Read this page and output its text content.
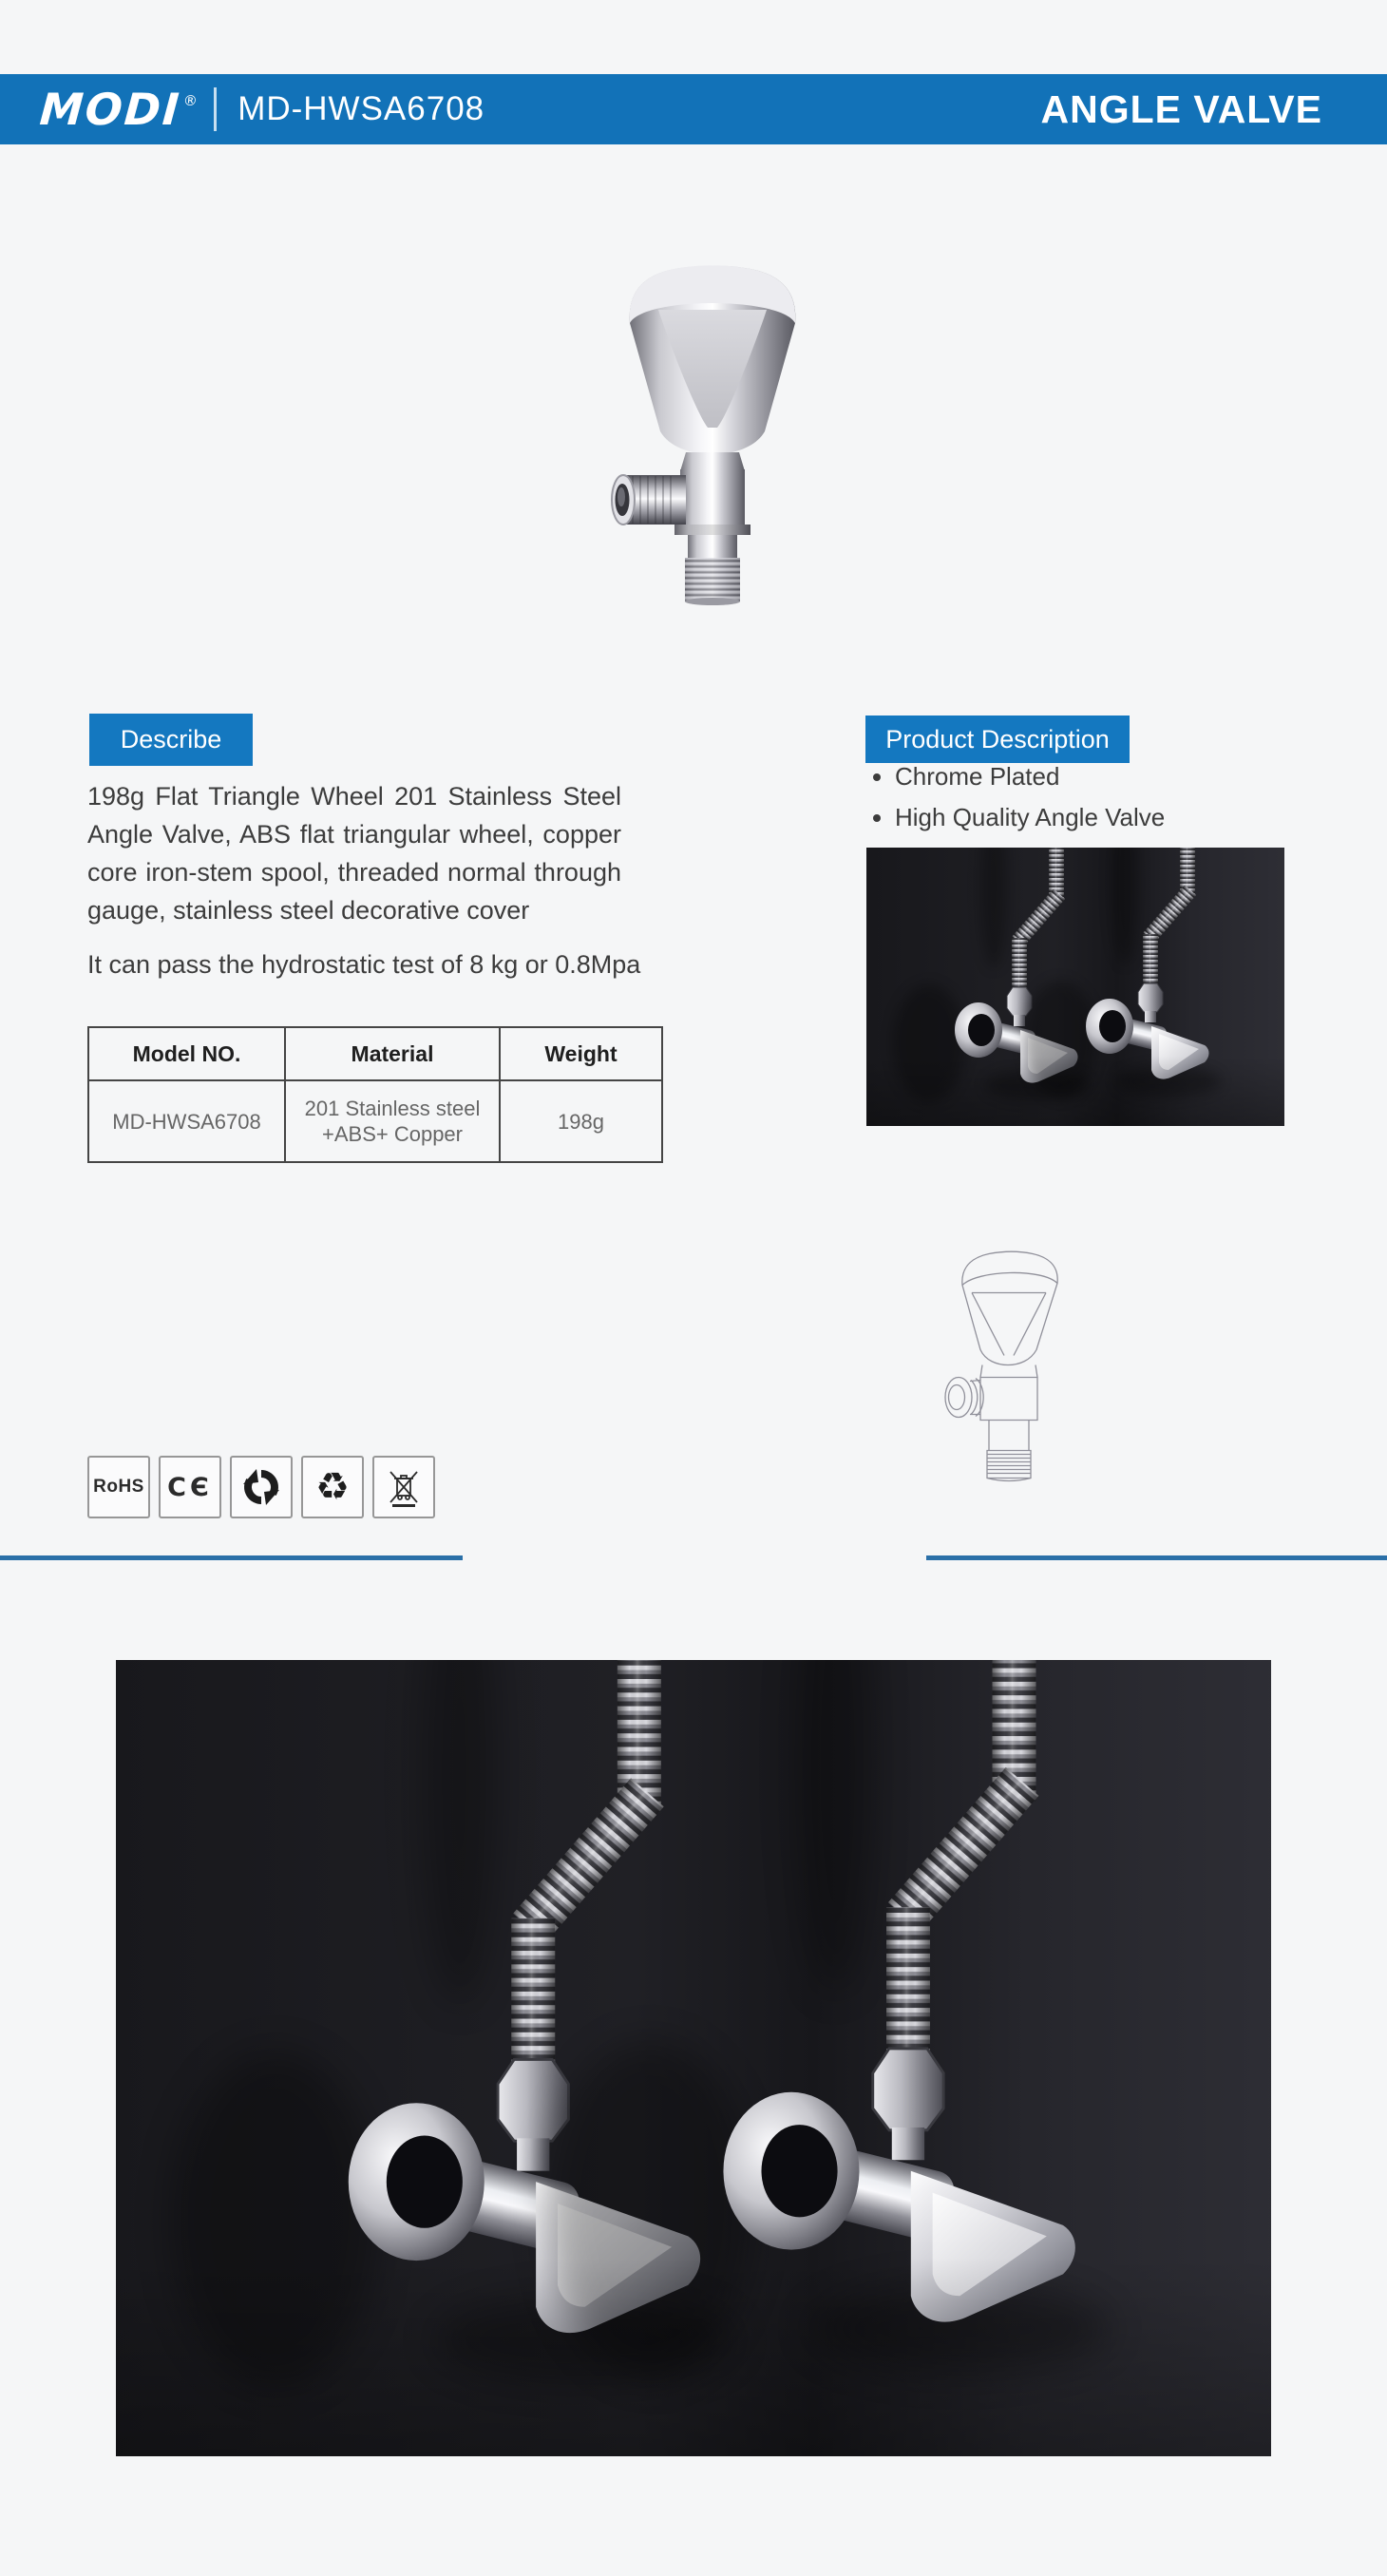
MODI® MD-HWSA6708	ANGLE VALVE
Describe

198g Flat Triangle Wheel 201 Stainless Steel Angle Valve, ABS flat triangular wheel, copper core iron-stem spool, threaded normal through gauge, stainless steel decorative cover

It can pass the hydrostatic test of 8 kg or 0.8Mpa

Model NO.	Material	Weight
MD-HWSA6708	201 Stainless steel +ABS+ Copper	198g
Product Description
• Chrome Plated
• High Quality Angle Valve
RoHS CЄ	♻
